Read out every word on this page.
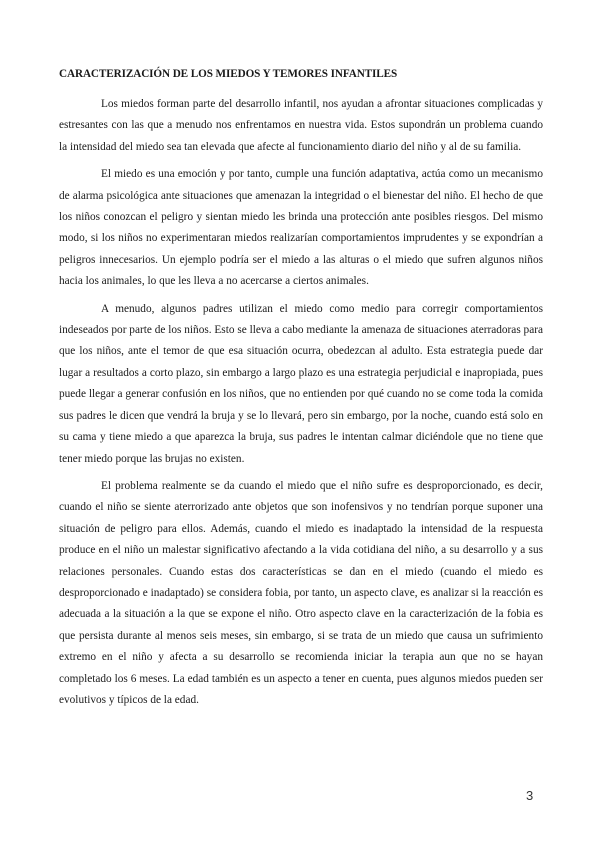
CARACTERIZACIÓN DE LOS MIEDOS Y TEMORES INFANTILES

Los miedos forman parte del desarrollo infantil, nos ayudan a afrontar situaciones complicadas y estresantes con las que a menudo nos enfrentamos en nuestra vida. Estos supondrán un problema cuando la intensidad del miedo sea tan elevada que afecte al funcionamiento diario del niño y al de su familia.

El miedo es una emoción y por tanto, cumple una función adaptativa, actúa como un mecanismo de alarma psicológica ante situaciones que amenazan la integridad o el bienestar del niño. El hecho de que los niños conozcan el peligro y sientan miedo les brinda una protección ante posibles riesgos. Del mismo modo, si los niños no experimentaran miedos realizarían comportamientos imprudentes y se expondrían a peligros innecesarios. Un ejemplo podría ser el miedo a las alturas o el miedo que sufren algunos niños hacia los animales, lo que les lleva a no acercarse a ciertos animales.

A menudo, algunos padres utilizan el miedo como medio para corregir comportamientos indeseados por parte de los niños. Esto se lleva a cabo mediante la amenaza de situaciones aterradoras para que los niños, ante el temor de que esa situación ocurra, obedezcan al adulto. Esta estrategia puede dar lugar a resultados a corto plazo, sin embargo a largo plazo es una estrategia perjudicial e inapropiada, pues puede llegar a generar confusión en los niños, que no entienden por qué cuando no se come toda la comida sus padres le dicen que vendrá la bruja y se lo llevará, pero sin embargo, por la noche, cuando está solo en su cama y tiene miedo a que aparezca la bruja, sus padres le intentan calmar diciéndole que no tiene que tener miedo porque las brujas no existen.

El problema realmente se da cuando el miedo que el niño sufre es desproporcionado, es decir, cuando el niño se siente aterrorizado ante objetos que son inofensivos y no tendrían porque suponer una situación de peligro para ellos. Además, cuando el miedo es inadaptado la intensidad de la respuesta produce en el niño un malestar significativo afectando a la vida cotidiana del niño, a su desarrollo y a sus relaciones personales. Cuando estas dos características se dan en el miedo (cuando el miedo es desproporcionado e inadaptado) se considera fobia, por tanto, un aspecto clave, es analizar si la reacción es adecuada a la situación a la que se expone el niño. Otro aspecto clave en la caracterización de la fobia es que persista durante al menos seis meses, sin embargo, si se trata de un miedo que causa un sufrimiento extremo en el niño y afecta a su desarrollo se recomienda iniciar la terapia aun que no se hayan completado los 6 meses. La edad también es un aspecto a tener en cuenta, pues algunos miedos pueden ser evolutivos y típicos de la edad.

3
